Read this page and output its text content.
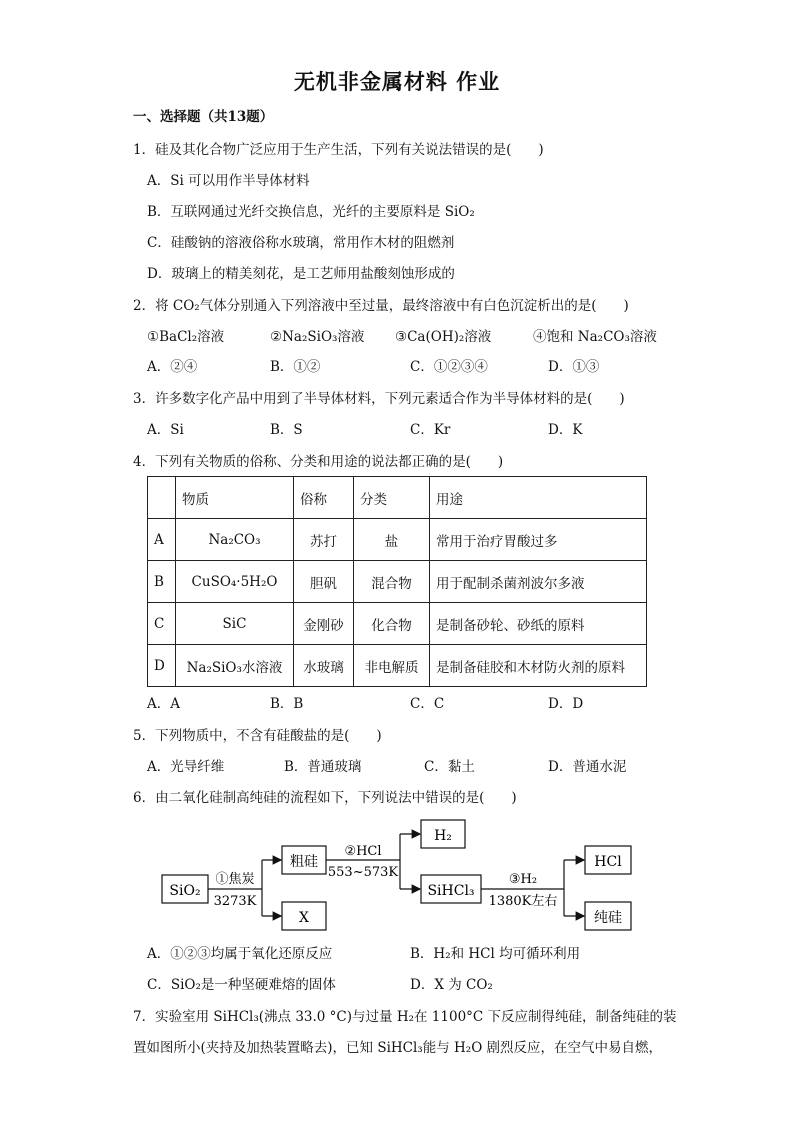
无机非金属材料 作业
一、选择题（共13题）
1．硅及其化合物广泛应用于生产生活，下列有关说法错误的是(　　)
A．Si 可以用作半导体材料
B．互联网通过光纤交换信息，光纤的主要原料是 SiO₂
C．硅酸钠的溶液俗称水玻璃，常用作木材的阻燃剂
D．玻璃上的精美刻花，是工艺师用盐酸刻蚀形成的
2．将 CO₂气体分别通入下列溶液中至过量，最终溶液中有白色沉淀析出的是(　　)
①BaCl₂溶液	②Na₂SiO₃溶液 ③Ca(OH)₂溶液	④饱和 Na₂CO₃溶液
A．②④	B．①②	C．①②③④	D．①③
3．许多数字化产品中用到了半导体材料，下列元素适合作为半导体材料的是(　　)
A．Si	B．S	C．Kr	D．K
4．下列有关物质的俗称、分类和用途的说法都正确的是(　　)
	物质	俗称	分类	用途
A	Na₂CO₃	苏打	盐	常用于治疗胃酸过多
B	CuSO₄·5H₂O	胆矾	混合物	用于配制杀菌剂波尔多液
C	SiC	金刚砂	化合物	是制备砂轮、砂纸的原料
D	Na₂SiO₃水溶液	水玻璃	非电解质	是制备硅胶和木材防火剂的原料
A．A	B．B	C．C	D．D
5．下列物质中，不含有硅酸盐的是(　　)
A．光导纤维	B．普通玻璃	C．黏土	D．普通水泥
6．由二氧化硅制高纯硅的流程如下，下列说法中错误的是(　　)
SiO₂
粗硅
X
H₂
SiHCl₃
HCl
纯硅
①焦炭
3273K
②HCl
553~573K	③H₂
1380K左右
A．①②③均属于氧化还原反应	B．H₂和 HCl 均可循环利用
C．SiO₂是一种坚硬难熔的固体	D．X 为 CO₂
7．实验室用 SiHCl₃(沸点 33.0 °C)与过量 H₂在 1100°C 下反应制得纯硅，制备纯硅的装
置如图所小(夹持及加热装置略去)，已知 SiHCl₃能与 H₂O 剧烈反应，在空气中易自燃，
